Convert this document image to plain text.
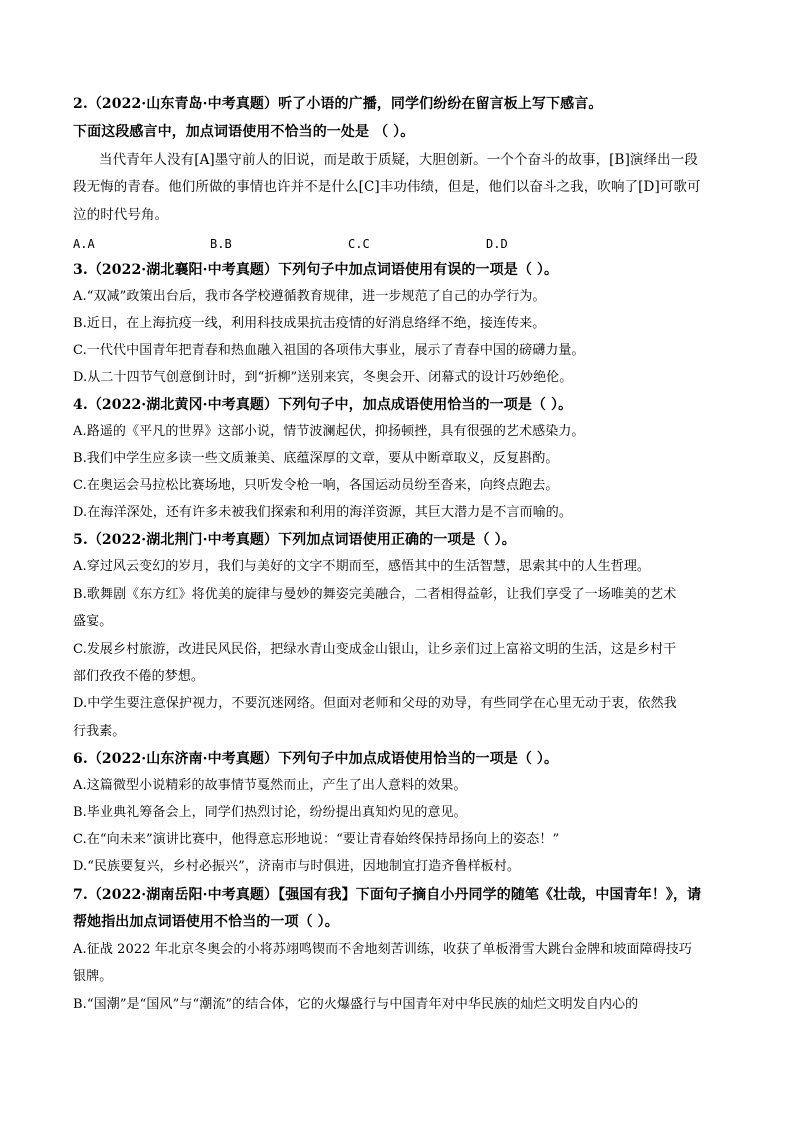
2.（2022·山东青岛·中考真题）听了小语的广播，同学们纷纷在留言板上写下感言。
下面这段感言中，加点词语使用不恰当的一处是 （ ）。
当代青年人没有[A]墨守前人的旧说，而是敢于质疑，大胆创新。一个个奋斗的故事，[B]演绎出一段
段无悔的青春。他们所做的事情也许并不是什么[C]丰功伟绩，但是，他们以奋斗之我，吹响了[D]可歌可
泣的时代号角。
A.A	B.B	C.C	D.D
3.（2022·湖北襄阳·中考真题）下列句子中加点词语使用有误的一项是（ ）。
A.“双减”政策出台后，我市各学校遵循教育规律，进一步规范了自己的办学行为。
B.近日，在上海抗疫一线，利用科技成果抗击疫情的好消息络绎不绝，接连传来。
C.一代代中国青年把青春和热血融入祖国的各项伟大事业，展示了青春中国的磅礴力量。
D.从二十四节气创意倒计时，到“折柳”送别来宾，冬奥会开、闭幕式的设计巧妙绝伦。
4.（2022·湖北黄冈·中考真题）下列句子中，加点成语使用恰当的一项是（ ）。
A.路遥的《平凡的世界》这部小说，情节波澜起伏，抑扬顿挫，具有很强的艺术感染力。
B.我们中学生应多读一些文质兼美、底蕴深厚的文章，要从中断章取义，反复斟酌。
C.在奥运会马拉松比赛场地，只听发令枪一响，各国运动员纷至沓来，向终点跑去。
D.在海洋深处，还有许多未被我们探索和利用的海洋资源，其巨大潜力是不言而喻的。
5.（2022·湖北荆门·中考真题）下列加点词语使用正确的一项是（ ）。
A.穿过风云变幻的岁月，我们与美好的文字不期而至，感悟其中的生活智慧，思索其中的人生哲理。
B.歌舞剧《东方红》将优美的旋律与曼妙的舞姿完美融合，二者相得益彰，让我们享受了一场唯美的艺术
盛宴。
C.发展乡村旅游，改进民风民俗，把绿水青山变成金山银山，让乡亲们过上富裕文明的生活，这是乡村干
部们孜孜不倦的梦想。
D.中学生要注意保护视力，不要沉迷网络。但面对老师和父母的劝导，有些同学在心里无动于衷，依然我
行我素。
6.（2022·山东济南·中考真题）下列句子中加点成语使用恰当的一项是（ ）。
A.这篇微型小说精彩的故事情节戛然而止，产生了出人意料的效果。
B.毕业典礼筹备会上，同学们热烈讨论，纷纷提出真知灼见的意见。
C.在“向未来”演讲比赛中，他得意忘形地说：“要让青春始终保持昂扬向上的姿态！”
D.“民族要复兴，乡村必振兴”，济南市与时俱进，因地制宜打造齐鲁样板村。
7.（2022·湖南岳阳·中考真题）【强国有我】下面句子摘自小丹同学的随笔《壮哉，中国青年！》，请
帮她指出加点词语使用不恰当的一项（ ）。
A.征战 2022 年北京冬奥会的小将苏翊鸣锲而不舍地刻苦训练，收获了单板滑雪大跳台金牌和坡面障碍技巧
银牌。
B.“国潮”是“国风”与“潮流”的结合体，它的火爆盛行与中国青年对中华民族的灿烂文明发自内心的
